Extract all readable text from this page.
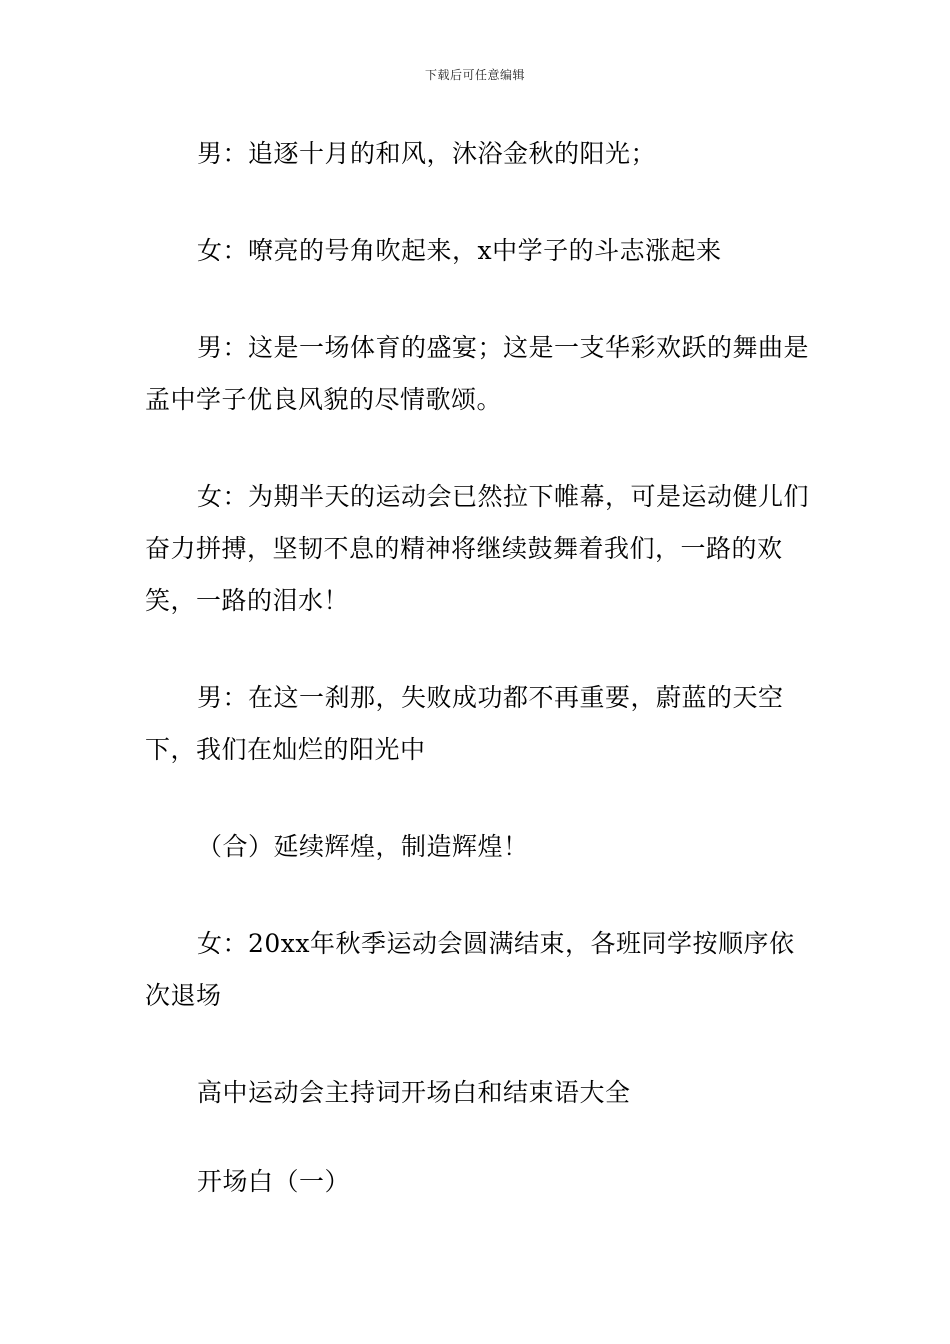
下载后可任意编辑

男：追逐十月的和风，沐浴金秋的阳光；

女：嘹亮的号角吹起来，x中学子的斗志涨起来

男：这是一场体育的盛宴；这是一支华彩欢跃的舞曲是孟中学子优良风貌的尽情歌颂。

女：为期半天的运动会已然拉下帷幕，可是运动健儿们奋力拼搏，坚韧不息的精神将继续鼓舞着我们，一路的欢笑，一路的泪水！

男：在这一刹那，失败成功都不再重要，蔚蓝的天空下，我们在灿烂的阳光中

（合）延续辉煌，制造辉煌！

女：20xx年秋季运动会圆满结束，各班同学按顺序依次退场

高中运动会主持词开场白和结束语大全

开场白（一）
